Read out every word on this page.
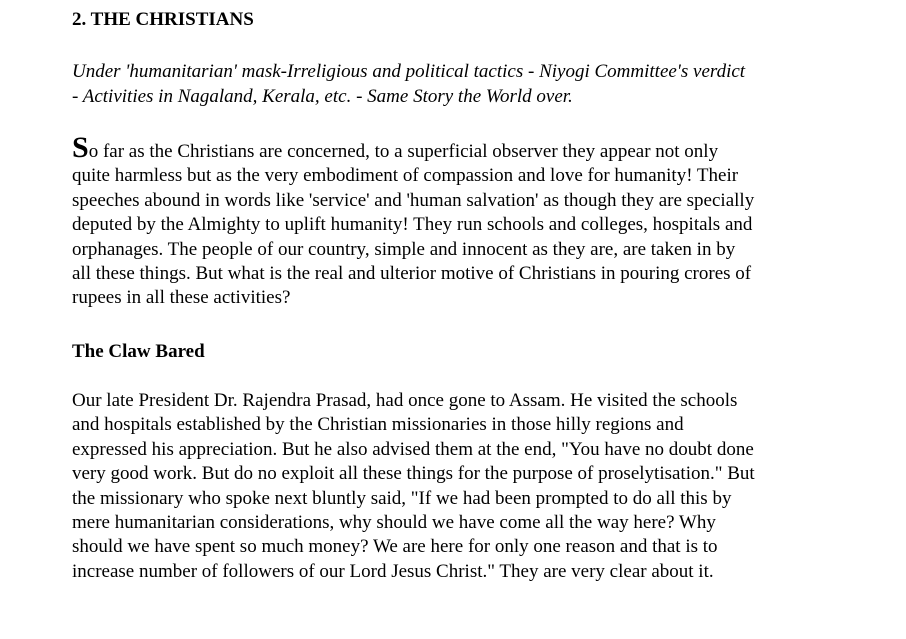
2. THE CHRISTIANS

Under 'humanitarian' mask-Irreligious and political tactics - Niyogi Committee's verdict
- Activities in Nagaland, Kerala, etc. - Same Story the World over.

So far as the Christians are concerned, to a superficial observer they appear not only
quite harmless but as the very embodiment of compassion and love for humanity! Their
speeches abound in words like 'service' and 'human salvation' as though they are specially
deputed by the Almighty to uplift humanity! They run schools and colleges, hospitals and
orphanages. The people of our country, simple and innocent as they are, are taken in by
all these things. But what is the real and ulterior motive of Christians in pouring crores of
rupees in all these activities?

The Claw Bared

Our late President Dr. Rajendra Prasad, had once gone to Assam. He visited the schools
and hospitals established by the Christian missionaries in those hilly regions and
expressed his appreciation. But he also advised them at the end, "You have no doubt done
very good work. But do no exploit all these things for the purpose of proselytisation." But
the missionary who spoke next bluntly said, "If we had been prompted to do all this by
mere humanitarian considerations, why should we have come all the way here? Why
should we have spent so much money? We are here for only one reason and that is to
increase number of followers of our Lord Jesus Christ." They are very clear about it.
